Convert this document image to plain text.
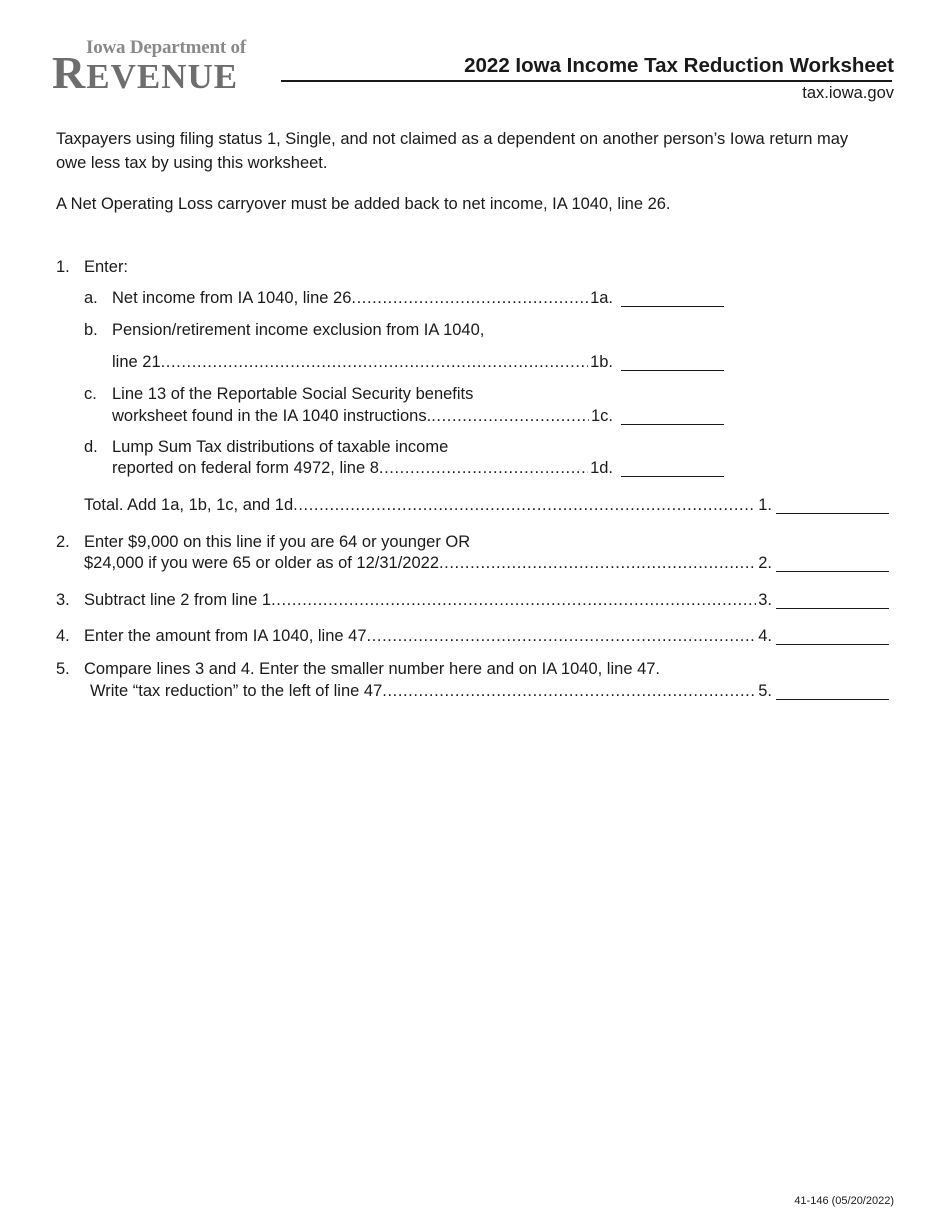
Iowa Department of
REVENUE	2022 Iowa Income Tax Reduction Worksheet
tax.iowa.gov
Taxpayers using filing status 1, Single, and not claimed as a dependent on another person’s Iowa return may owe less tax by using this worksheet.
A Net Operating Loss carryover must be added back to net income, IA 1040, line 26.
1. Enter:
a. Net income from IA 1040, line 26 .....	1a.
b. Pension/retirement income exclusion from IA 1040,
line 21 .....	1b.
c. Line 13 of the Reportable Social Security benefits
worksheet found in the IA 1040 instructions. .....	1c.
d. Lump Sum Tax distributions of taxable income
reported on federal form 4972, line 8 .....	1d.
Total. Add 1a, 1b, 1c, and 1d .....	1.
2. Enter $9,000 on this line if you are 64 or younger OR
$24,000 if you were 65 or older as of 12/31/2022 .....	2.
3. Subtract line 2 from line 1 .....	3.
4. Enter the amount from IA 1040, line 47 .....	4.
5. Compare lines 3 and 4. Enter the smaller number here and on IA 1040, line 47.
Write “tax reduction” to the left of line 47 .....	5.
41-146 (05/20/2022)
